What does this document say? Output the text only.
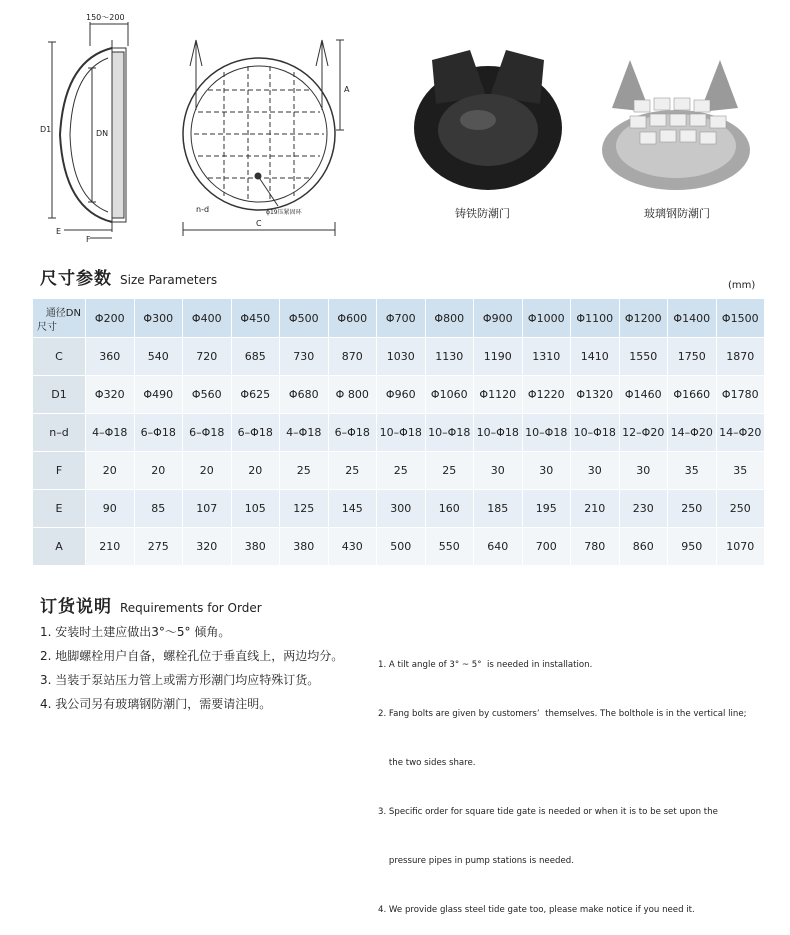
150～200
D1	DN
E
F
A
n-d
C
ϕ19压紧固环	铸铁防潮门	玻璃钢防潮门
尺寸参数 Size Parameters	(mm)
通径DN
尺寸	Φ200	Φ300	Φ400	Φ450	Φ500	Φ600	Φ700	Φ800	Φ900	Φ1000	Φ1100	Φ1200	Φ1400	Φ1500
C	360	540	720	685	730	870	1030	1130	1190	1310	1410	1550	1750	1870
D1	Φ320	Φ490	Φ560	Φ625	Φ680	Φ 800	Φ960	Φ1060	Φ1120	Φ1220	Φ1320	Φ1460	Φ1660	Φ1780
n–d	4–Φ18	6–Φ18	6–Φ18	6–Φ18	4–Φ18	6–Φ18	10–Φ18	10–Φ18	10–Φ18	10–Φ18	10–Φ18	12–Φ20	14–Φ20	14–Φ20
F	20	20	20	20	25	25	25	25	30	30	30	30	35	35
E	90	85	107	105	125	145	300	160	185	195	210	230	250	250
A	210	275	320	380	380	430	500	550	640	700	780	860	950	1070
订货说明 Requirements for Order
1. 安装时土建应做出3°～5° 倾角。
2. 地脚螺栓用户自备，螺栓孔位于垂直线上，两边均分。
3. 当装于泵站压力管上或需方形潮门均应特殊订货。
4. 我公司另有玻璃钢防潮门，需要请注明。

1. A tilt angle of 3° ~ 5°  is needed in installation.

2. Fang bolts are given by customers’  themselves. The bolthole is in the vertical line;

the two sides share.

3. Specific order for square tide gate is needed or when it is to be set upon the

pressure pipes in pump stations is needed.

4. We provide glass steel tide gate too, please make notice if you need it.
